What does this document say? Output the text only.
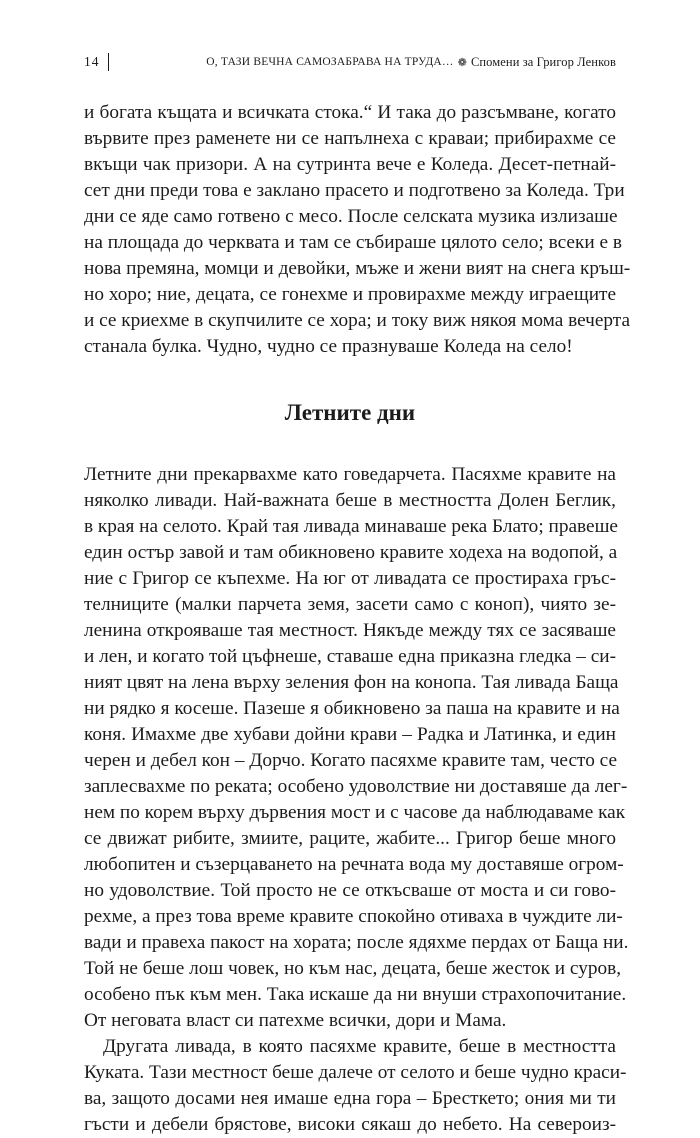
14	О, ТАЗИ ВЕЧНА САМОЗАБРАВА НА ТРУДА… ❁ Спомени за Григор Ленков
и богата къщата и всичката стока.“ И така до разсъмване, когато
вървите през раменете ни се напълнеха с краваи; прибирахме се
вкъщи чак призори. А на сутринта вече е Коледа. Десет-петнай-
сет дни преди това е заклано прасето и подготвено за Коледа. Три
дни се яде само готвено с месо. После селската музика излизаше
на площада до черквата и там се събираше цялото село; всеки е в
нова премяна, момци и девойки, мъже и жени вият на снега кръш-
но хоро; ние, децата, се гонехме и провирахме между играещите
и се криехме в скупчилите се хора; и току виж някоя мома вечерта
станала булка. Чудно, чудно се празнуваше Коледа на село!
Летните дни
Летните дни прекарвахме като говедарчета. Пасяхме кравите на
няколко ливади. Най-важната беше в местността Долен Беглик,
в края на селото. Край тая ливада минаваше река Блато; правеше
един остър завой и там обикновено кравите ходеха на водопой, а
ние с Григор се къпехме. На юг от ливадата се простираха гръс-
телниците (малки парчета земя, засети само с коноп), чиято зе-
ленина открояваше тая местност. Някъде между тях се засяваше
и лен, и когато той цъфнеше, ставаше една приказна гледка – си-
ният цвят на лена върху зеления фон на конопа. Тая ливада Баща
ни рядко я косеше. Пазеше я обикновено за паша на кравите и на
коня. Имахме две хубави дойни крави – Радка и Латинка, и един
черен и дебел кон – Дорчо. Когато пасяхме кравите там, често се
заплесвахме по реката; особено удоволствие ни доставяше да лег-
нем по корем върху дървения мост и с часове да наблюдаваме как
се движат рибите, змиите, раците, жабите... Григор беше много
любопитен и съзерцаването на речната вода му доставяше огром-
но удоволствие. Той просто не се откъсваше от моста и си гово-
рехме, а през това време кравите спокойно отиваха в чуждите ли-
вади и правеха пакост на хората; после ядяхме пердах от Баща ни.
Той не беше лош човек, но към нас, децата, беше жесток и суров,
особено пък към мен. Така искаше да ни внуши страхопочитание.
От неговата власт си патехме всички, дори и Мама.
Другата ливада, в която пасяхме кравите, беше в местността
Куката. Тази местност беше далече от селото и беше чудно краси-
ва, защото досами нея имаше една гора – Бресткето; ония ми ти
гъсти и дебели брястове, високи сякаш до небето. На североиз-
